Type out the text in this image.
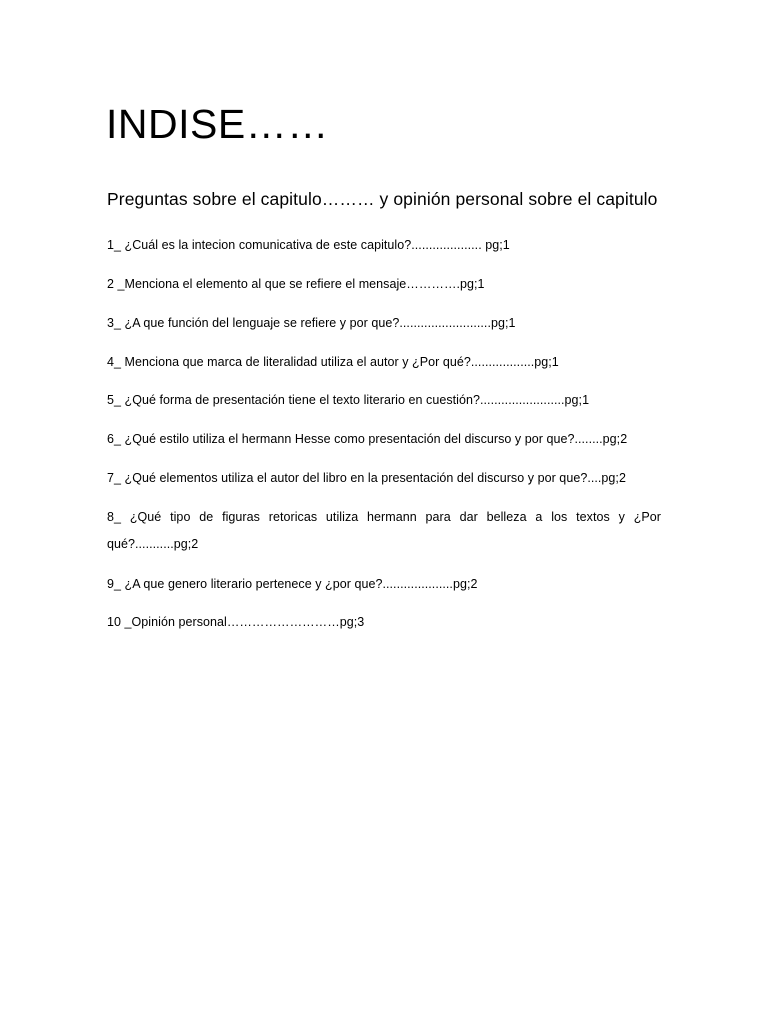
INDISE……
Preguntas sobre el capitulo……… y opinión personal sobre el capitulo
1_ ¿Cuál es la intecion comunicativa de este capitulo?.................... pg;1
2 _Menciona el elemento al que se refiere el mensaje………….pg;1
3_ ¿A que función del lenguaje se refiere y por que?..........................pg;1
4_ Menciona que marca de literalidad utiliza el autor y ¿Por qué?..................pg;1
5_ ¿Qué forma de presentación tiene el texto literario en cuestión?........................pg;1
6_ ¿Qué estilo utiliza el hermann Hesse como presentación del discurso y por que?........pg;2
7_ ¿Qué elementos utiliza el autor del libro en la presentación del discurso y por que?....pg;2
8_ ¿Qué tipo de figuras retoricas utiliza hermann para dar belleza a los textos y ¿Por qué?...........pg;2
9_ ¿A que genero literario pertenece y ¿por que?....................pg;2
10 _Opinión personal………………………pg;3
